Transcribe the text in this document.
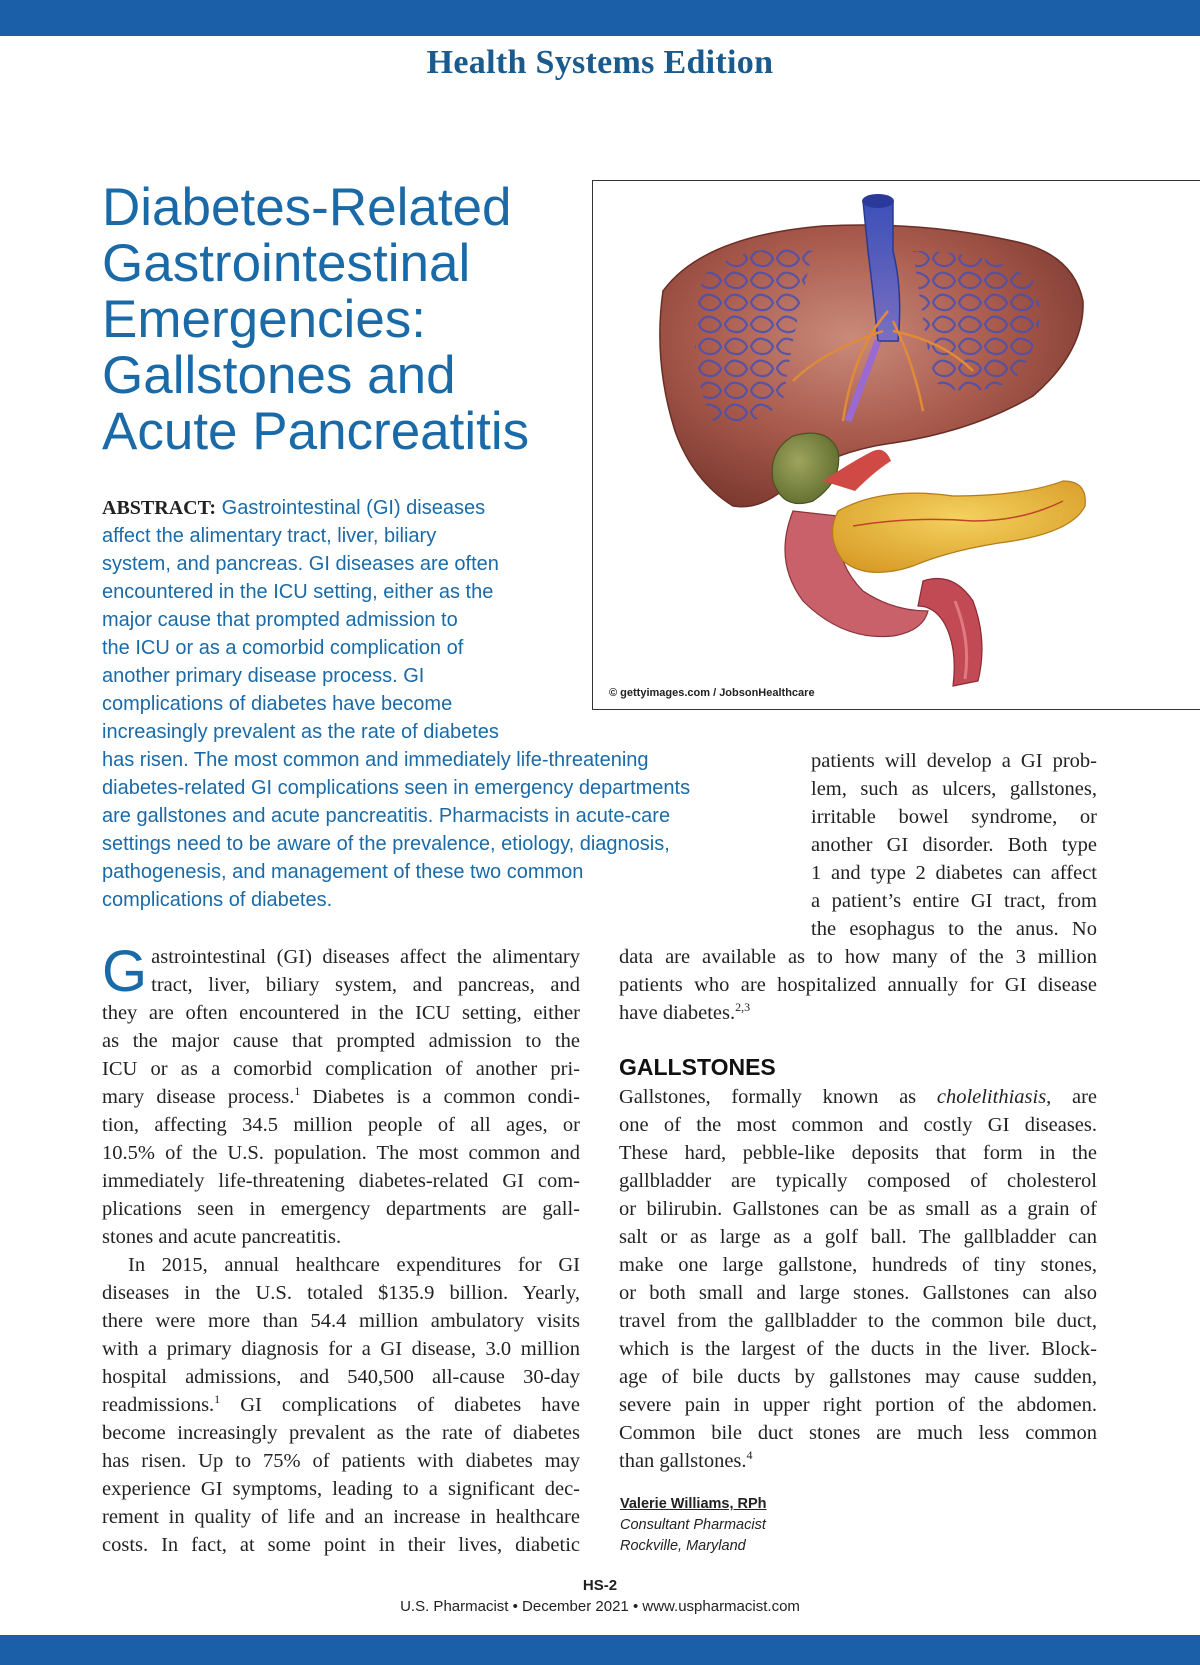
Health Systems Edition
Diabetes-Related
Gastrointestinal
Emergencies:
Gallstones and
Acute Pancreatitis
© gettyimages.com / JobsonHealthcare
ABSTRACT: Gastrointestinal (GI) diseases
affect the alimentary tract, liver, biliary
system, and pancreas. GI diseases are often
encountered in the ICU setting, either as the
major cause that prompted admission to
the ICU or as a comorbid complication of
another primary disease process. GI
complications of diabetes have become
increasingly prevalent as the rate of diabetes
has risen. The most common and immediately life-threatening
diabetes-related GI complications seen in emergency departments
are gallstones and acute pancreatitis. Pharmacists in acute-care
settings need to be aware of the prevalence, etiology, diagnosis,
pathogenesis, and management of these two common
complications of diabetes.
patients will develop a GI prob-
lem, such as ulcers, gallstones,
irritable bowel syndrome, or
another GI disorder. Both type
1 and type 2 diabetes can affect
a patient’s entire GI tract, from
the esophagus to the anus. No
data are available as to how many of the 3 million
patients who are hospitalized annually for GI disease
have diabetes.$^{2,3}$
G astrointestinal (GI) diseases affect the alimentary
tract, liver, biliary system, and pancreas, and
they are often encountered in the ICU setting, either
as the major cause that prompted admission to the
ICU or as a comorbid complication of another pri-
mary disease process.$^1$ Diabetes is a common condi-
tion, affecting 34.5 million people of all ages, or
10.5% of the U.S. population. The most common and
immediately life-threatening diabetes-related GI com-
plications seen in emergency departments are gall-
stones and acute pancreatitis.
In 2015, annual healthcare expenditures for GI
diseases in the U.S. totaled $135.9 billion. Yearly,
there were more than 54.4 million ambulatory visits
with a primary diagnosis for a GI disease, 3.0 million
hospital admissions, and 540,500 all-cause 30-day
readmissions.$^1$ GI complications of diabetes have
become increasingly prevalent as the rate of diabetes
has risen. Up to 75% of patients with diabetes may
experience GI symptoms, leading to a significant dec-
rement in quality of life and an increase in healthcare
costs. In fact, at some point in their lives, diabetic
GALLSTONES
Gallstones, formally known as cholelithiasis, are
one of the most common and costly GI diseases.
These hard, pebble-like deposits that form in the
gallbladder are typically composed of cholesterol
or bilirubin. Gallstones can be as small as a grain of
salt or as large as a golf ball. The gallbladder can
make one large gallstone, hundreds of tiny stones,
or both small and large stones. Gallstones can also
travel from the gallbladder to the common bile duct,
which is the largest of the ducts in the liver. Block-
age of bile ducts by gallstones may cause sudden,
severe pain in upper right portion of the abdomen.
Common bile duct stones are much less common
than gallstones.$^4$
Valerie Williams, RPh
Consultant Pharmacist
Rockville, Maryland
HS-2
U.S. Pharmacist • December 2021 • www.uspharmacist.com
